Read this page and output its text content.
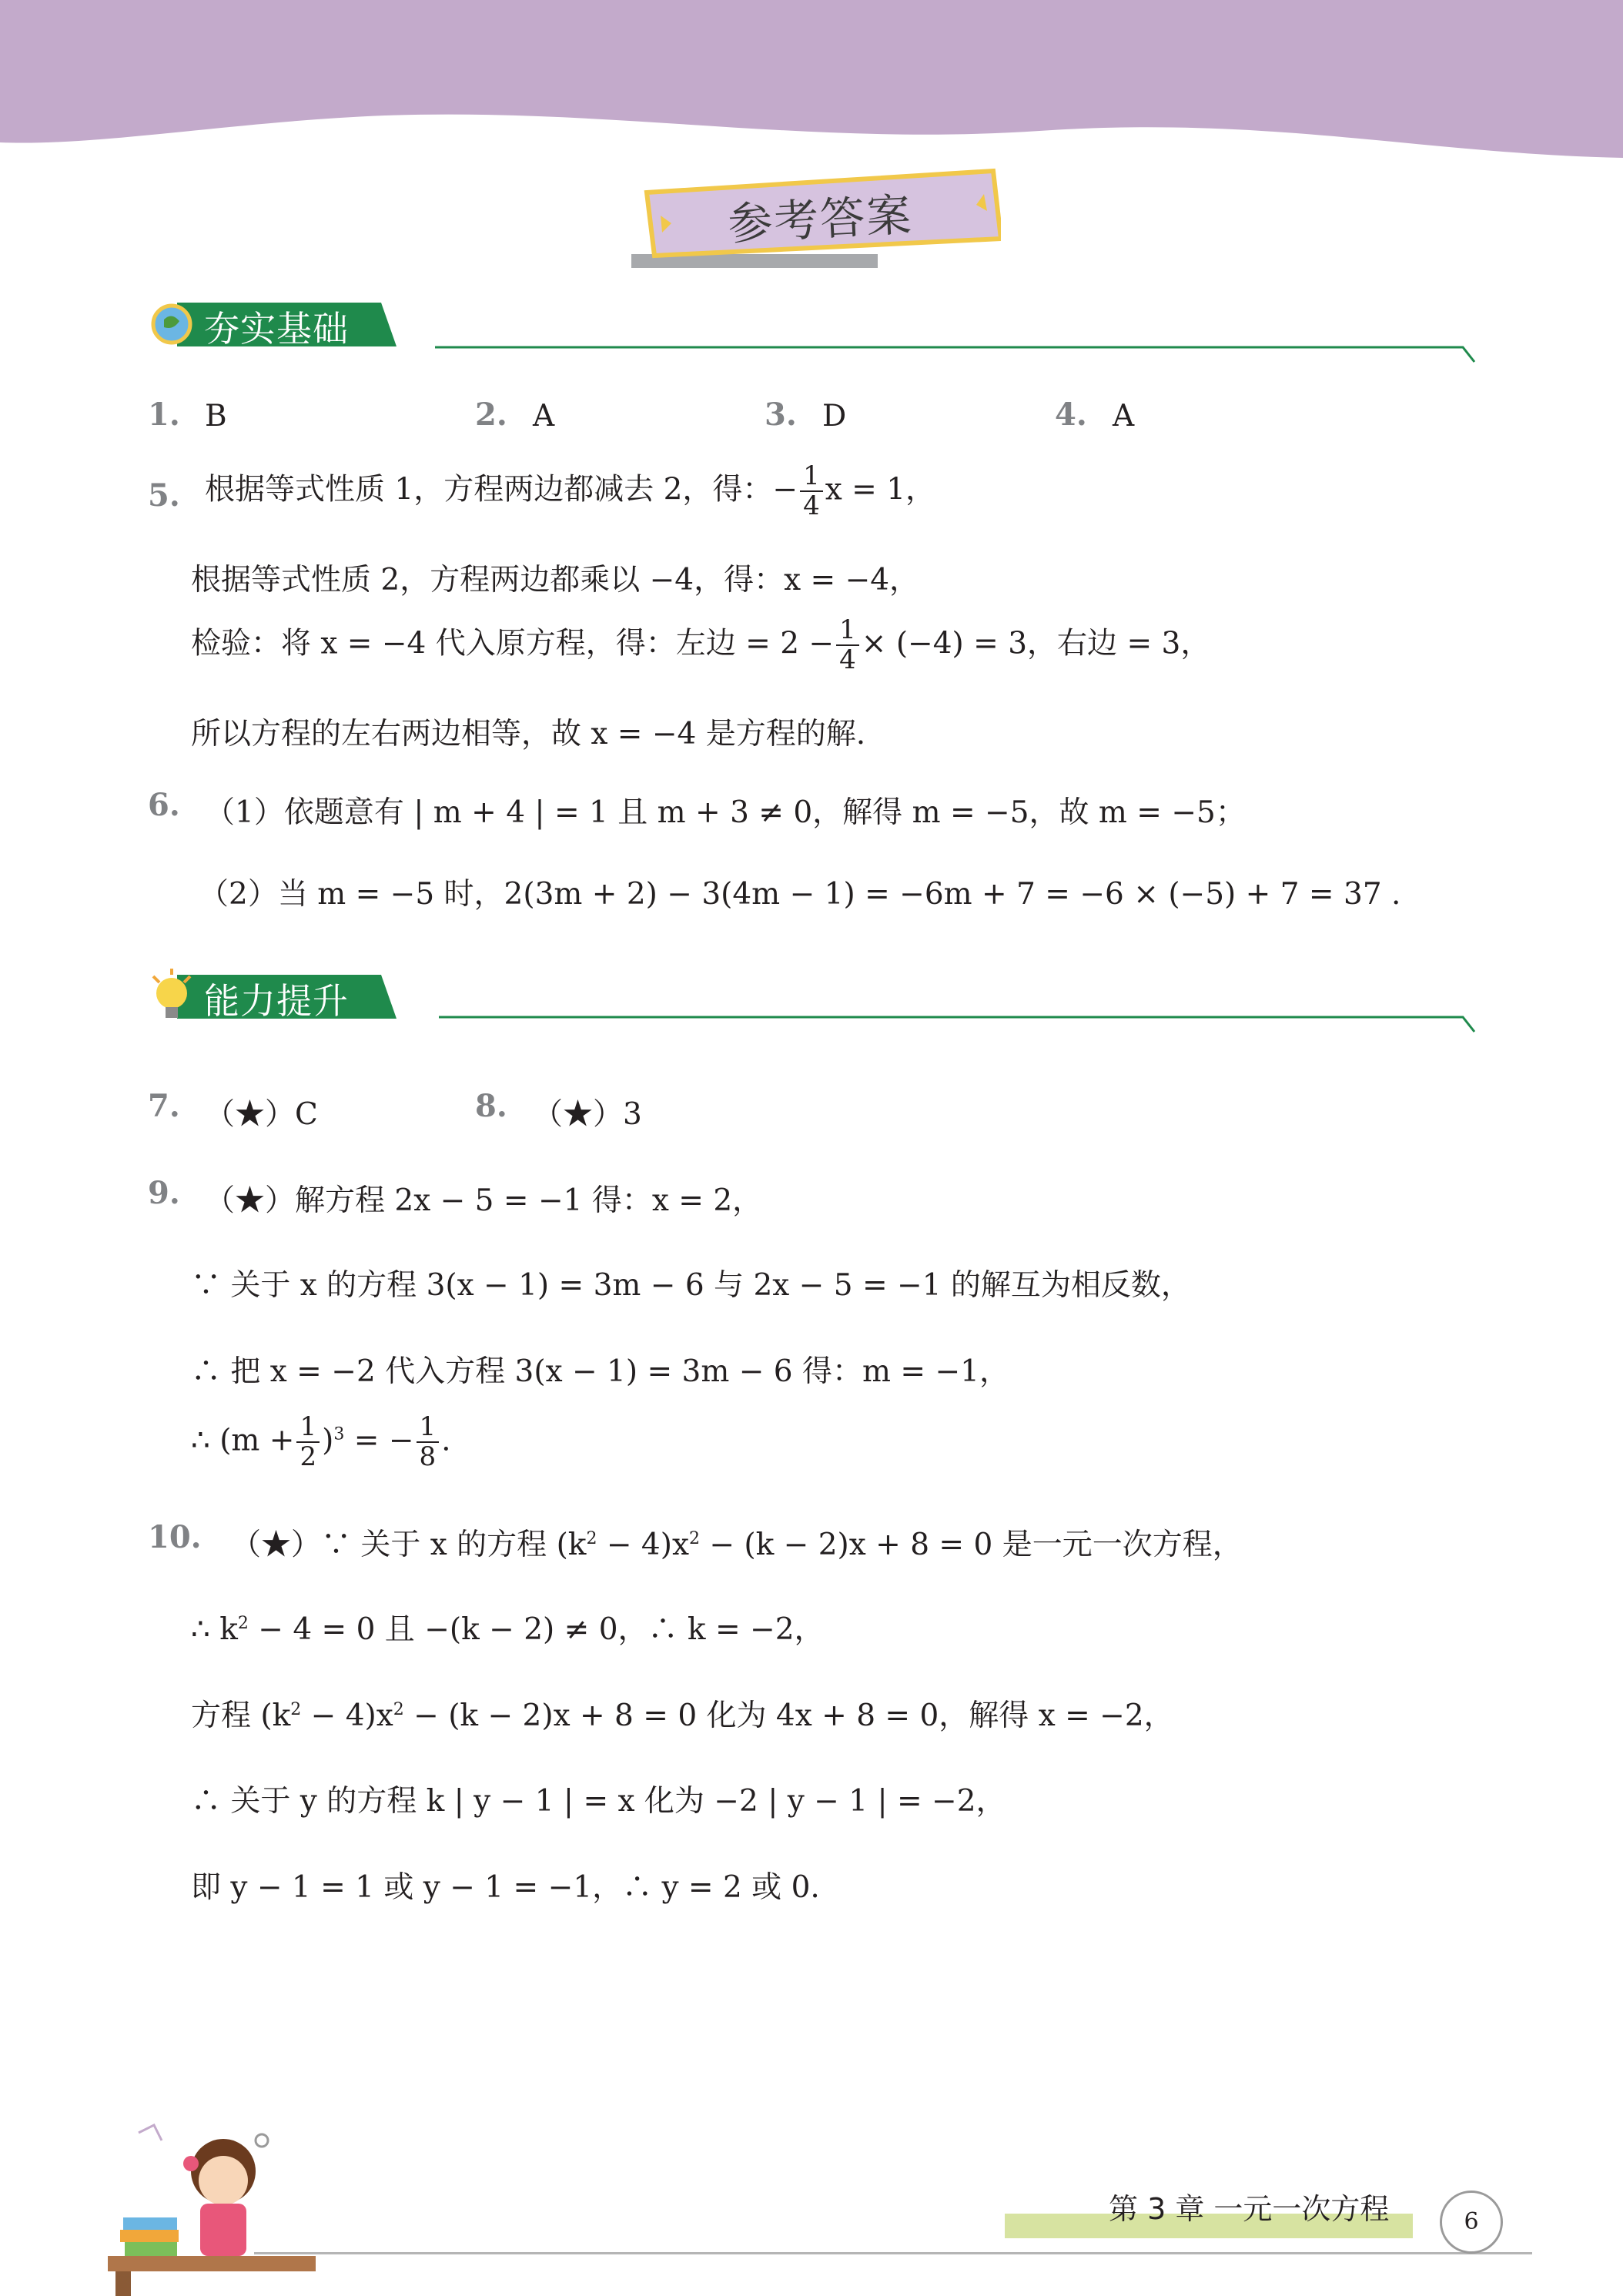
参考答案
夯实基础
1. B	2. A	3. D	4. A
5. 根据等式性质 1，方程两边都减去 2，得：− $\frac{1}{4}$ x = 1，
根据等式性质 2，方程两边都乘以 −4，得：x = −4，
检验：将 x = −4 代入原方程，得：左边 = $2 - \frac{1}{4} \times (-4) = 3$，右边 = 3，
所以方程的左右两边相等，故 x = −4 是方程的解.
6. （1）依题意有 | m + 4 | = 1 且 m + 3 ≠ 0，解得 m = −5，故 m = −5；
（2）当 m = −5 时，2(3m + 2) − 3(4m − 1) = −6m + 7 = −6 × (−5) + 7 = 37 .
能力提升
7. （★）C	8. （★）3
9. （★）解方程 2x − 5 = −1 得：x = 2，
∵ 关于 x 的方程 3(x − 1) = 3m − 6 与 2x − 5 = −1 的解互为相反数，
∴ 把 x = −2 代入方程 3(x − 1) = 3m − 6 得：m = −1，
∴ $(m + \frac{1}{2} )^3$ = − $\frac{1}{8}$ .
10. （★）∵ 关于 x 的方程 $(k^2 - 4)x^2 - (k - 2)x + 8 = 0$ 是一元一次方程，
∴ $k^2 - 4 = 0$ 且 −(k − 2) ≠ 0，∴ k = −2，
方程 $(k^2 - 4)x^2 - (k - 2)x + 8 = 0$ 化为 4x + 8 = 0，解得 x = −2，
∴ 关于 y 的方程 k | y − 1 | = x 化为 −2 | y − 1 | = −2，
即 y − 1 = 1 或 y − 1 = −1，∴ y = 2 或 0.
第 3 章 一元一次方程	6
